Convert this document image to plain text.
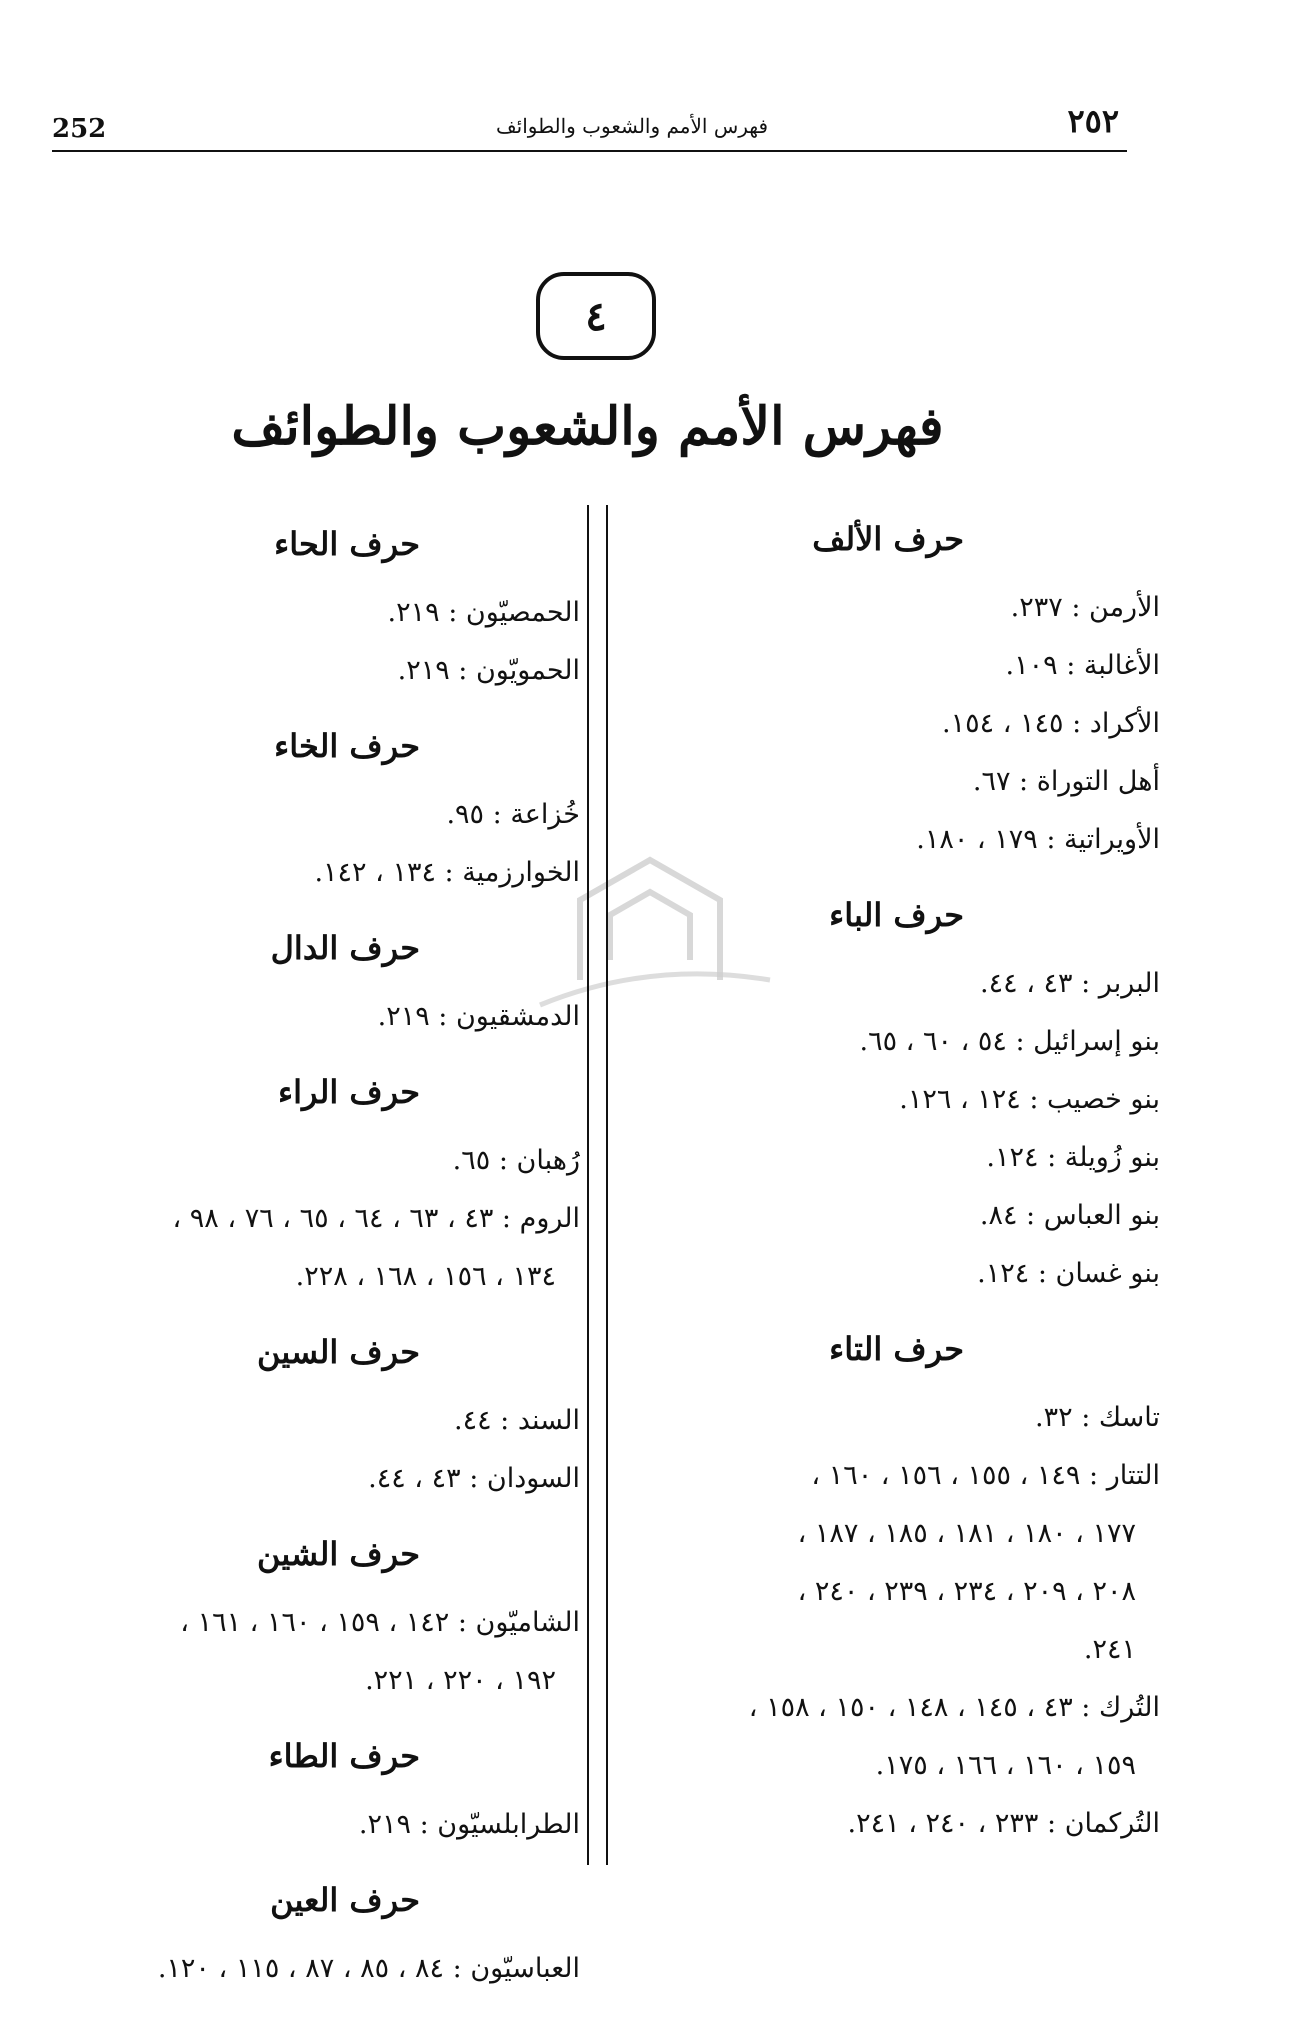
252	فهرس الأمم والشعوب والطوائف	٢٥٢
٤
فهرس الأمم والشعوب والطوائف

حرف الألف

الأرمن : ٢٣٧.

الأغالبة : ١٠٩.

الأكراد : ١٤٥ ، ١٥٤.

أهل التوراة : ٦٧.

الأويراتية : ١٧٩ ، ١٨٠.

حرف الباء

البربر : ٤٣ ، ٤٤.

بنو إسرائيل : ٥٤ ، ٦٠ ، ٦٥.

بنو خصيب : ١٢٤ ، ١٢٦.

بنو زُويلة : ١٢٤.

بنو العباس : ٨٤.

بنو غسان : ١٢٤.

حرف التاء

تاسك : ٣٢.

التتار : ١٤٩ ، ١٥٥ ، ١٥٦ ، ١٦٠ ،

١٧٧ ، ١٨٠ ، ١٨١ ، ١٨٥ ، ١٨٧ ،

٢٠٨ ، ٢٠٩ ، ٢٣٤ ، ٢٣٩ ، ٢٤٠ ،

٢٤١.

التُرك : ٤٣ ، ١٤٥ ، ١٤٨ ، ١٥٠ ، ١٥٨ ،

١٥٩ ، ١٦٠ ، ١٦٦ ، ١٧٥.

التُركمان : ٢٣٣ ، ٢٤٠ ، ٢٤١.

حرف الحاء

الحمصيّون : ٢١٩.

الحمويّون : ٢١٩.

حرف الخاء

خُزاعة : ٩٥.

الخوارزمية : ١٣٤ ، ١٤٢.

حرف الدال

الدمشقيون : ٢١٩.

حرف الراء

رُهبان : ٦٥.

الروم : ٤٣ ، ٦٣ ، ٦٤ ، ٦٥ ، ٧٦ ، ٩٨ ،

١٣٤ ، ١٥٦ ، ١٦٨ ، ٢٢٨.

حرف السين

السند : ٤٤.

السودان : ٤٣ ، ٤٤.

حرف الشين

الشاميّون : ١٤٢ ، ١٥٩ ، ١٦٠ ، ١٦١ ،

١٩٢ ، ٢٢٠ ، ٢٢١.

حرف الطاء

الطرابلسيّون : ٢١٩.

حرف العين

العباسيّون : ٨٤ ، ٨٥ ، ٨٧ ، ١١٥ ، ١٢٠.
